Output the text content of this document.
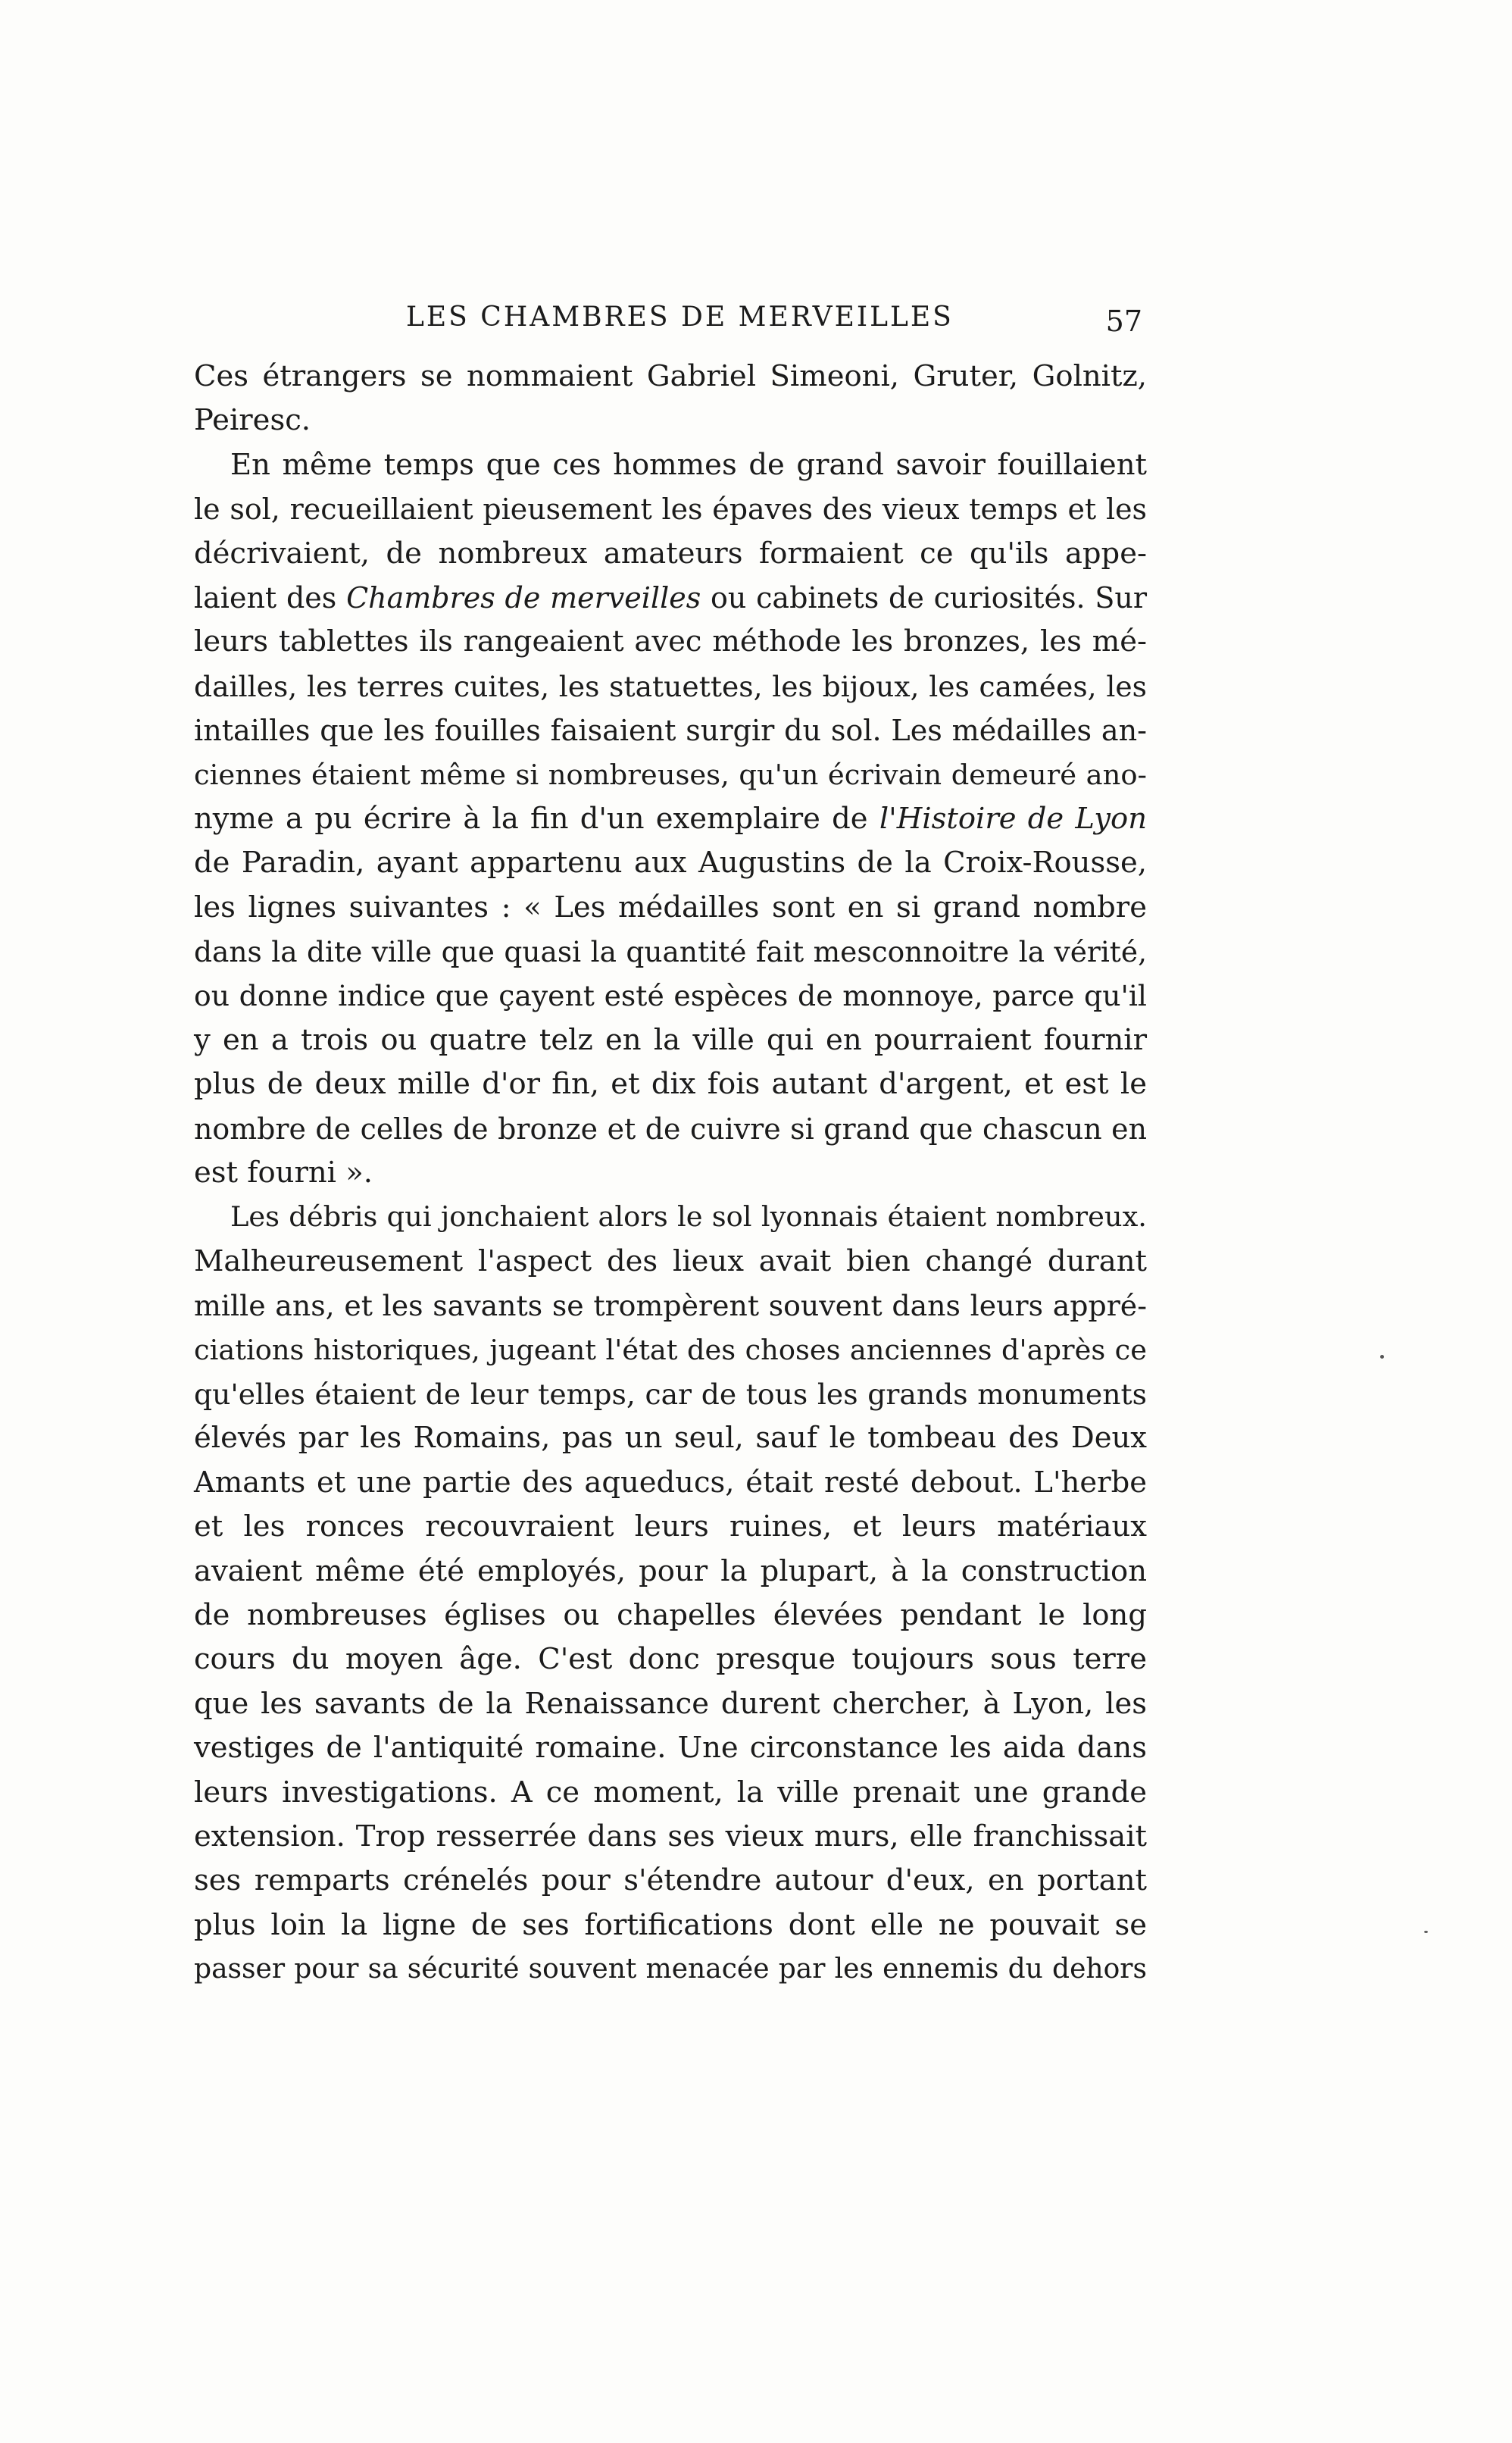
LES CHAMBRES DE MERVEILLES	57
Ces étrangers se nommaient Gabriel Simeoni, Gruter, Golnitz,
Peiresc.
En même temps que ces hommes de grand savoir fouillaient
le sol, recueillaient pieusement les épaves des vieux temps et les
décrivaient, de nombreux amateurs formaient ce qu'ils appe-
laient des Chambres de merveilles ou cabinets de curiosités. Sur
leurs tablettes ils rangeaient avec méthode les bronzes, les mé-
dailles, les terres cuites, les statuettes, les bijoux, les camées, les
intailles que les fouilles faisaient surgir du sol. Les médailles an-
ciennes étaient même si nombreuses, qu'un écrivain demeuré ano-
nyme a pu écrire à la fin d'un exemplaire de l'Histoire de Lyon
de Paradin, ayant appartenu aux Augustins de la Croix-Rousse,
les lignes suivantes : « Les médailles sont en si grand nombre
dans la dite ville que quasi la quantité fait mesconnoitre la vérité,
ou donne indice que çayent esté espèces de monnoye, parce qu'il
y en a trois ou quatre telz en la ville qui en pourraient fournir
plus de deux mille d'or fin, et dix fois autant d'argent, et est le
nombre de celles de bronze et de cuivre si grand que chascun en
est fourni ».
Les débris qui jonchaient alors le sol lyonnais étaient nombreux.
Malheureusement l'aspect des lieux avait bien changé durant
mille ans, et les savants se trompèrent souvent dans leurs appré-
ciations historiques, jugeant l'état des choses anciennes d'après ce
qu'elles étaient de leur temps, car de tous les grands monuments
élevés par les Romains, pas un seul, sauf le tombeau des Deux
Amants et une partie des aqueducs, était resté debout. L'herbe
et les ronces recouvraient leurs ruines, et leurs matériaux
avaient même été employés, pour la plupart, à la construction
de nombreuses églises ou chapelles élevées pendant le long
cours du moyen âge. C'est donc presque toujours sous terre
que les savants de la Renaissance durent chercher, à Lyon, les
vestiges de l'antiquité romaine. Une circonstance les aida dans
leurs investigations. A ce moment, la ville prenait une grande
extension. Trop resserrée dans ses vieux murs, elle franchissait
ses remparts crénelés pour s'étendre autour d'eux, en portant
plus loin la ligne de ses fortifications dont elle ne pouvait se
passer pour sa sécurité souvent menacée par les ennemis du dehors
